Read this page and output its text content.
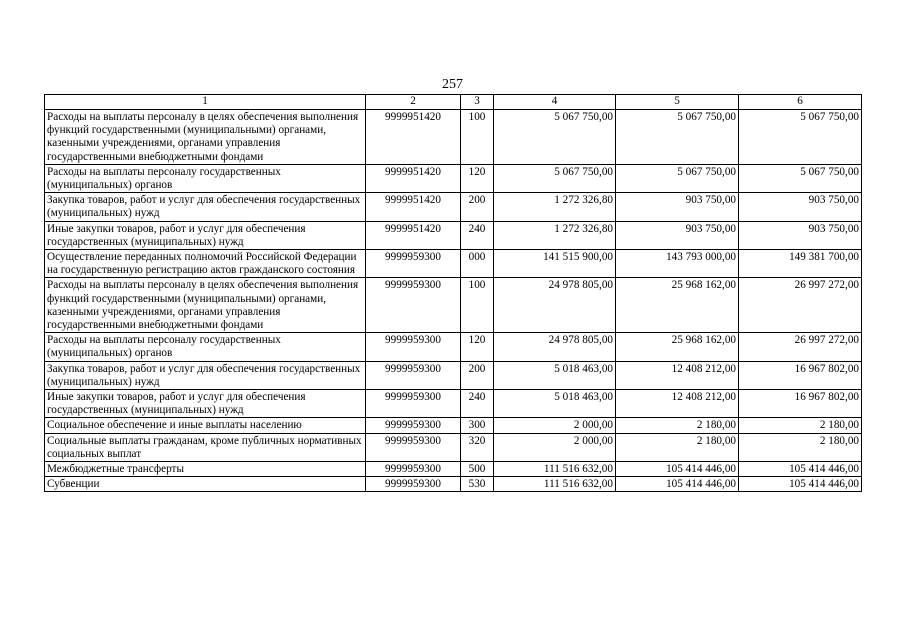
257
1	2	3	4	5	6
Расходы на выплаты персоналу в целях обеспечения выполнения функций государственными (муниципальными) органами, казенными учреждениями, органами управления государственными внебюджетными фондами	9999951420	100	5 067 750,00	5 067 750,00	5 067 750,00
Расходы на выплаты персоналу государственных (муниципальных) органов	9999951420	120	5 067 750,00	5 067 750,00	5 067 750,00
Закупка товаров, работ и услуг для обеспечения государственных (муниципальных) нужд	9999951420	200	1 272 326,80	903 750,00	903 750,00
Иные закупки товаров, работ и услуг для обеспечения государственных (муниципальных) нужд	9999951420	240	1 272 326,80	903 750,00	903 750,00
Осуществление переданных полномочий Российской Федерации на государственную регистрацию актов гражданского состояния	9999959300	000	141 515 900,00	143 793 000,00	149 381 700,00
Расходы на выплаты персоналу в целях обеспечения выполнения функций государственными (муниципальными) органами, казенными учреждениями, органами управления государственными внебюджетными фондами	9999959300	100	24 978 805,00	25 968 162,00	26 997 272,00
Расходы на выплаты персоналу государственных (муниципальных) органов	9999959300	120	24 978 805,00	25 968 162,00	26 997 272,00
Закупка товаров, работ и услуг для обеспечения государственных (муниципальных) нужд	9999959300	200	5 018 463,00	12 408 212,00	16 967 802,00
Иные закупки товаров, работ и услуг для обеспечения государственных (муниципальных) нужд	9999959300	240	5 018 463,00	12 408 212,00	16 967 802,00
Социальное обеспечение и иные выплаты населению	9999959300	300	2 000,00	2 180,00	2 180,00
Социальные выплаты гражданам, кроме публичных нормативных социальных выплат	9999959300	320	2 000,00	2 180,00	2 180,00
Межбюджетные трансферты	9999959300	500	111 516 632,00	105 414 446,00	105 414 446,00
Субвенции	9999959300	530	111 516 632,00	105 414 446,00	105 414 446,00
